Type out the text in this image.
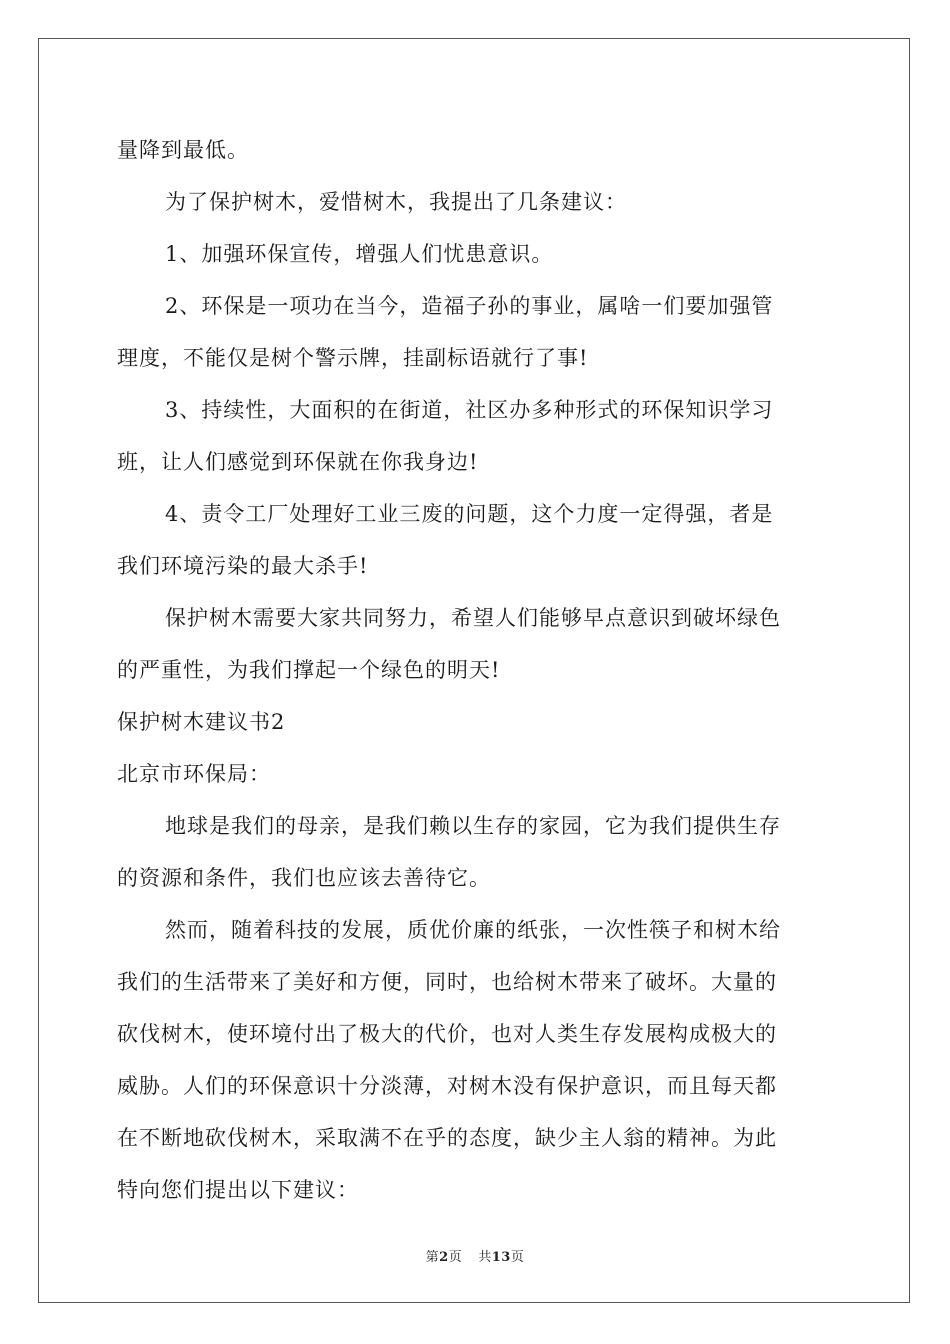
量降到最低。
为了保护树木，爱惜树木，我提出了几条建议：
1、加强环保宣传，增强人们忧患意识。
2、环保是一项功在当今，造福子孙的事业，属啥一们要加强管
理度，不能仅是树个警示牌，挂副标语就行了事!
3、持续性，大面积的在街道，社区办多种形式的环保知识学习
班，让人们感觉到环保就在你我身边!
4、责令工厂处理好工业三废的问题，这个力度一定得强，者是
我们环境污染的最大杀手!
保护树木需要大家共同努力，希望人们能够早点意识到破坏绿色
的严重性，为我们撑起一个绿色的明天!
保护树木建议书2
北京市环保局：
地球是我们的母亲，是我们赖以生存的家园，它为我们提供生存
的资源和条件，我们也应该去善待它。
然而，随着科技的发展，质优价廉的纸张，一次性筷子和树木给
我们的生活带来了美好和方便，同时，也给树木带来了破坏。大量的
砍伐树木，使环境付出了极大的代价，也对人类生存发展构成极大的
威胁。人们的环保意识十分淡薄，对树木没有保护意识，而且每天都
在不断地砍伐树木，采取满不在乎的态度，缺少主人翁的精神。为此
特向您们提出以下建议：
第2页 共13页
